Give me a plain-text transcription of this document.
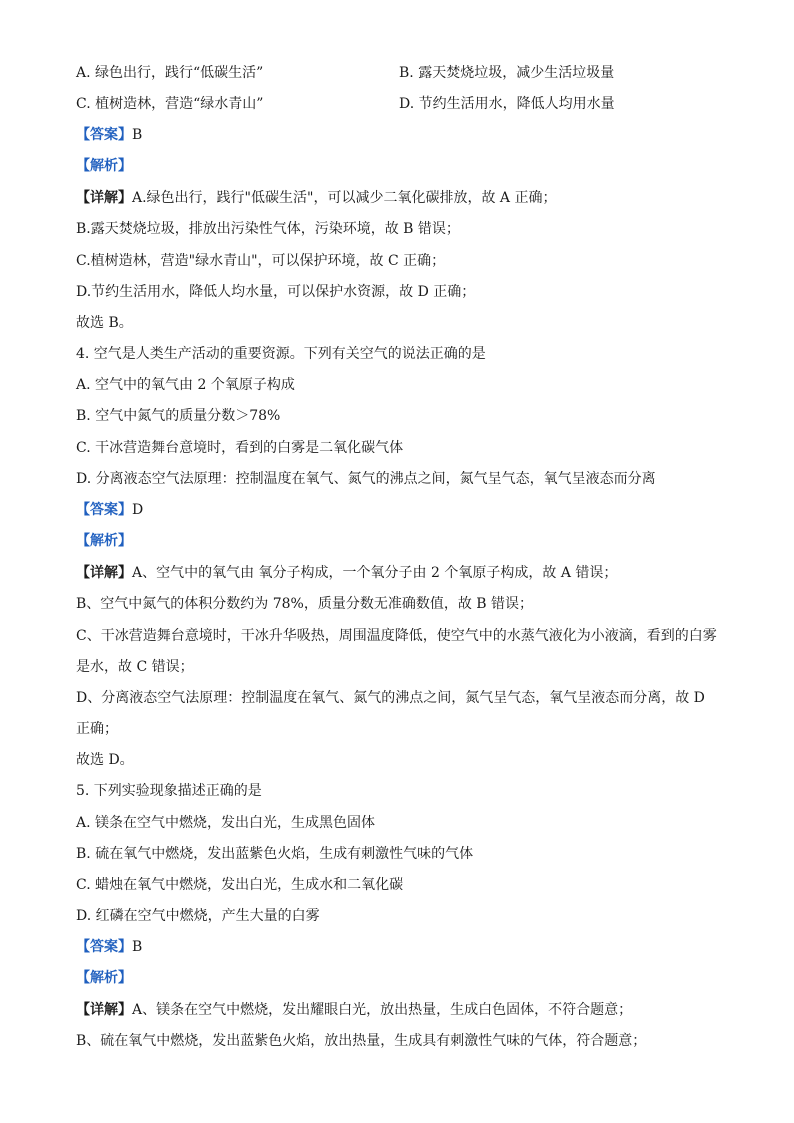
A. 绿色出行，践行“低碳生活”	B. 露天焚烧垃圾，减少生活垃圾量
C. 植树造林，营造“绿水青山”	D. 节约生活用水，降低人均用水量
【答案】B
【解析】
【详解】A.绿色出行，践行"低碳生活"，可以减少二氧化碳排放，故 A 正确；
B.露天焚烧垃圾，排放出污染性气体，污染环境，故 B 错误；
C.植树造林，营造"绿水青山"，可以保护环境，故 C 正确；
D.节约生活用水，降低人均水量，可以保护水资源，故 D 正确；
故选 B。
4. 空气是人类生产活动的重要资源。下列有关空气的说法正确的是
A. 空气中的氧气由 2 个氧原子构成
B. 空气中氮气的质量分数＞78%
C. 干冰营造舞台意境时，看到的白雾是二氧化碳气体
D. 分离液态空气法原理：控制温度在氧气、氮气的沸点之间，氮气呈气态，氧气呈液态而分离
【答案】D
【解析】
【详解】A、空气中的氧气由 氧分子构成，一个氧分子由 2 个氧原子构成，故 A 错误；
B、空气中氮气的体积分数约为 78%，质量分数无准确数值，故 B 错误；
C、干冰营造舞台意境时，干冰升华吸热，周围温度降低，使空气中的水蒸气液化为小液滴，看到的白雾
是水，故 C 错误；
D、分离液态空气法原理：控制温度在氧气、氮气的沸点之间，氮气呈气态，氧气呈液态而分离，故 D
正确；
故选 D。
5. 下列实验现象描述正确的是
A. 镁条在空气中燃烧，发出白光，生成黑色固体
B. 硫在氧气中燃烧，发出蓝紫色火焰，生成有刺激性气味的气体
C. 蜡烛在氧气中燃烧，发出白光，生成水和二氧化碳
D. 红磷在空气中燃烧，产生大量的白雾
【答案】B
【解析】
【详解】A、镁条在空气中燃烧，发出耀眼白光，放出热量，生成白色固体，不符合题意；
B、硫在氧气中燃烧，发出蓝紫色火焰，放出热量，生成具有刺激性气味的气体，符合题意；
